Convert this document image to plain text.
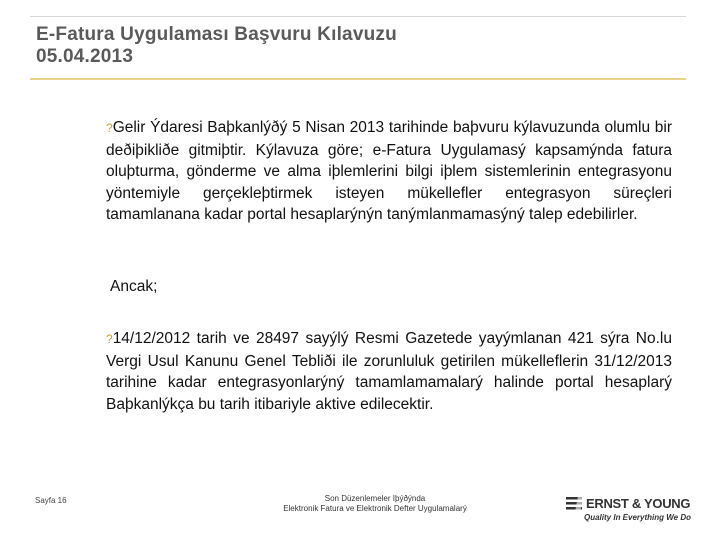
E-Fatura Uygulaması Başvuru Kılavuzu
05.04.2013
?Gelir Ýdaresi Baþkanlýðý 5 Nisan 2013 tarihinde baþvuru kýlavuzunda olumlu bir deðiþikliðe gitmiþtir. Kýlavuza göre; e-Fatura Uygulamasý kapsamýnda fatura oluþturma, gönderme ve alma iþlemlerini bilgi iþlem sistemlerinin entegrasyonu yöntemiyle gerçekleþtirmek isteyen mükellefler entegrasyon süreçleri tamamlanana kadar portal hesaplarýnýn tanýmlanmamasýný talep edebilirler.
Ancak;
?14/12/2012 tarih ve 28497 sayýlý Resmi Gazetede yayýmlanan 421 sýra No.lu Vergi Usul Kanunu Genel Tebliði ile zorunluluk getirilen mükelleflerin 31/12/2013 tarihine kadar entegrasyonlarýný tamamlamamalarý halinde portal hesaplarý Baþkanlýkça bu tarih itibariyle aktive edilecektir.
Sayfa 16	Son Düzenlemeler Iþýðýnda
Elektronik Fatura ve Elektronik Defter Uygulamalarý	ERNST & YOUNG
Quality In Everything We Do
